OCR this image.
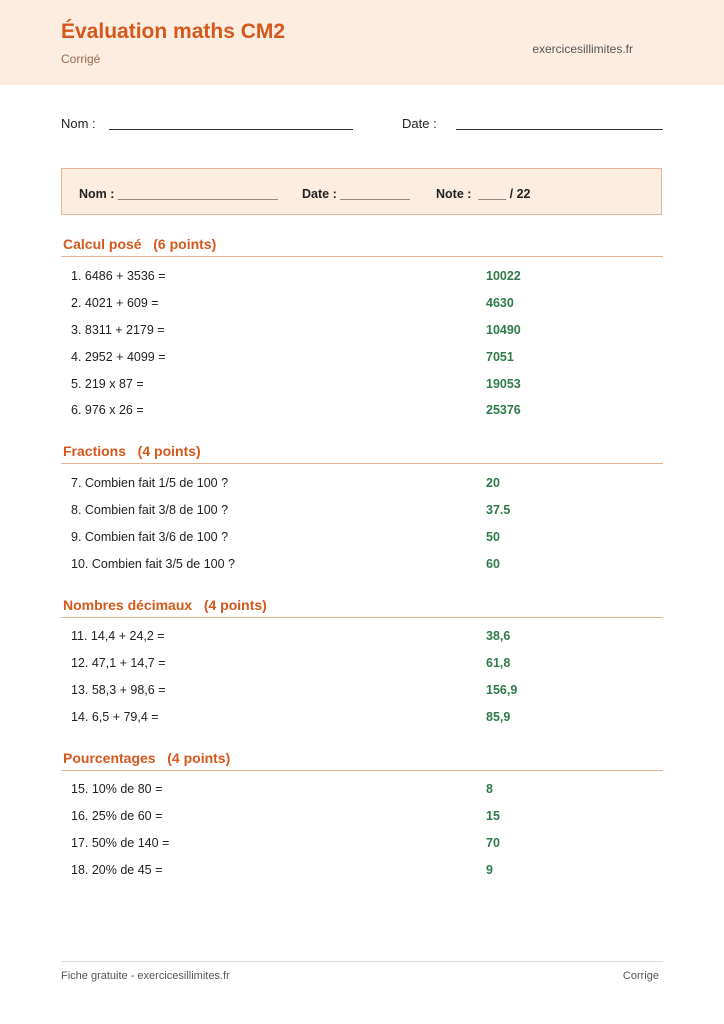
Évaluation maths CM2
Corrigé
exercicesillimites.fr
Nom :	Date :
Nom : _______________________ Date : __________ Note :  ____ / 22
Calcul posé   (6 points)
1. 6486 + 3536 =	10022
2. 4021 + 609 =	4630
3. 8311 + 2179 =	10490
4. 2952 + 4099 =	7051
5. 219 x 87 =	19053
6. 976 x 26 =	25376
Fractions   (4 points)
7. Combien fait 1/5 de 100 ?	20
8. Combien fait 3/8 de 100 ?	37.5
9. Combien fait 3/6 de 100 ?	50
10. Combien fait 3/5 de 100 ?	60
Nombres décimaux   (4 points)
11. 14,4 + 24,2 =	38,6
12. 47,1 + 14,7 =	61,8
13. 58,3 + 98,6 =	156,9
14. 6,5 + 79,4 =	85,9
Pourcentages   (4 points)
15. 10% de 80 =	8
16. 25% de 60 =	15
17. 50% de 140 =	70
18. 20% de 45 =	9
Fiche gratuite - exercicesillimites.fr	Corrige
